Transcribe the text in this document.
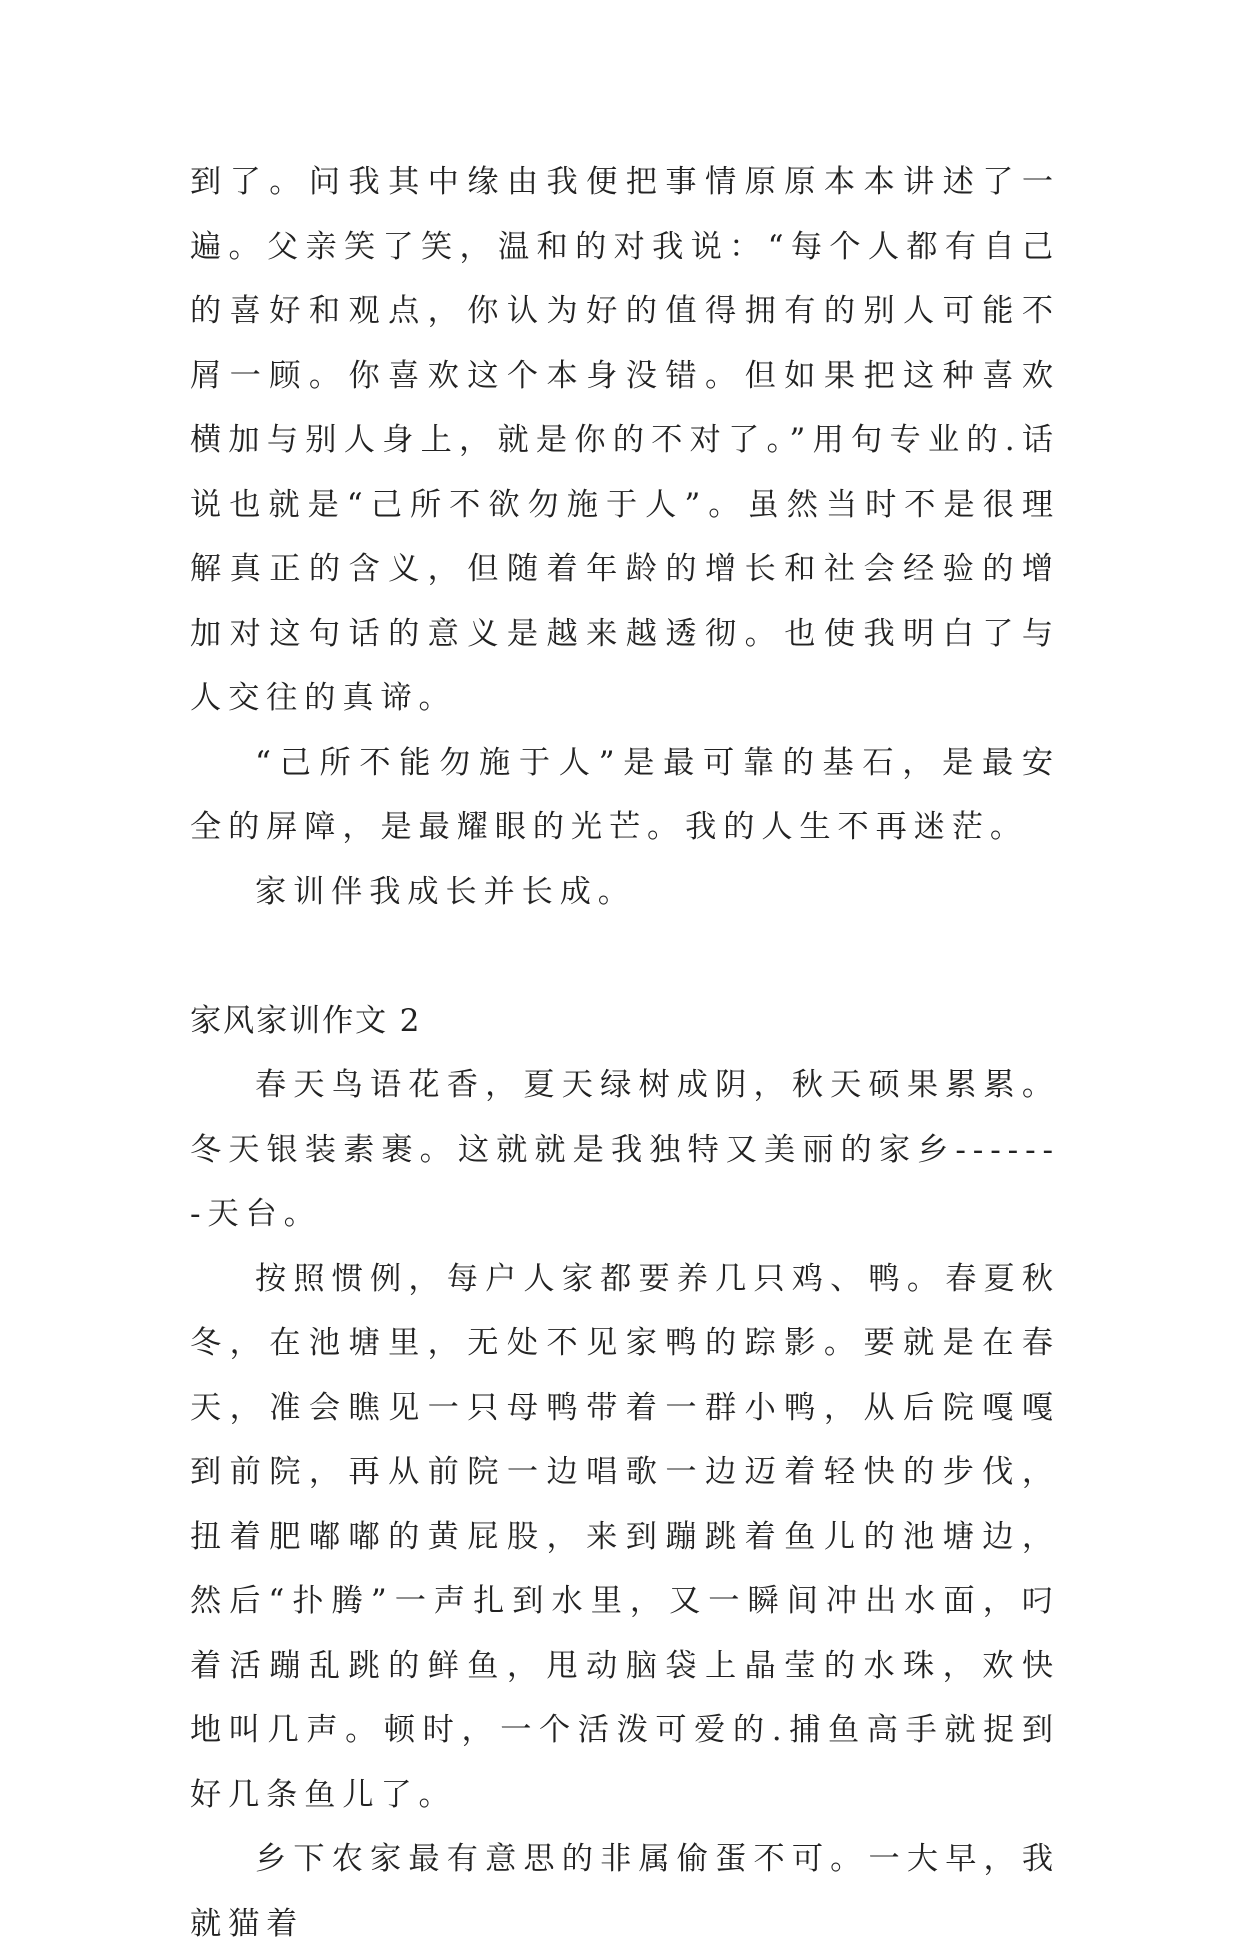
到了。问我其中缘由我便把事情原原本本讲述了一遍。父亲笑了笑，温和的对我说：“每个人都有自己的喜好和观点，你认为好的值得拥有的别人可能不屑一顾。你喜欢这个本身没错。但如果把这种喜欢横加与别人身上，就是你的不对了。”用句专业的.话说也就是“己所不欲勿施于人”。虽然当时不是很理解真正的含义，但随着年龄的增长和社会经验的增加对这句话的意义是越来越透彻。也使我明白了与人交往的真谛。

“己所不能勿施于人”是最可靠的基石，是最安全的屏障，是最耀眼的光芒。我的人生不再迷茫。

家训伴我成长并长成。

家风家训作文 2

春天鸟语花香，夏天绿树成阴，秋天硕果累累。冬天银装素裹。这就就是我独特又美丽的家乡-------天台。

按照惯例，每户人家都要养几只鸡、鸭。春夏秋冬，在池塘里，无处不见家鸭的踪影。要就是在春天，准会瞧见一只母鸭带着一群小鸭，从后院嘎嘎到前院，再从前院一边唱歌一边迈着轻快的步伐，扭着肥嘟嘟的黄屁股，来到蹦跳着鱼儿的池塘边，然后“扑腾”一声扎到水里，又一瞬间冲出水面，叼着活蹦乱跳的鲜鱼，甩动脑袋上晶莹的水珠，欢快地叫几声。顿时，一个活泼可爱的.捕鱼高手就捉到好几条鱼儿了。

乡下农家最有意思的非属偷蛋不可。一大早，我就猫着
